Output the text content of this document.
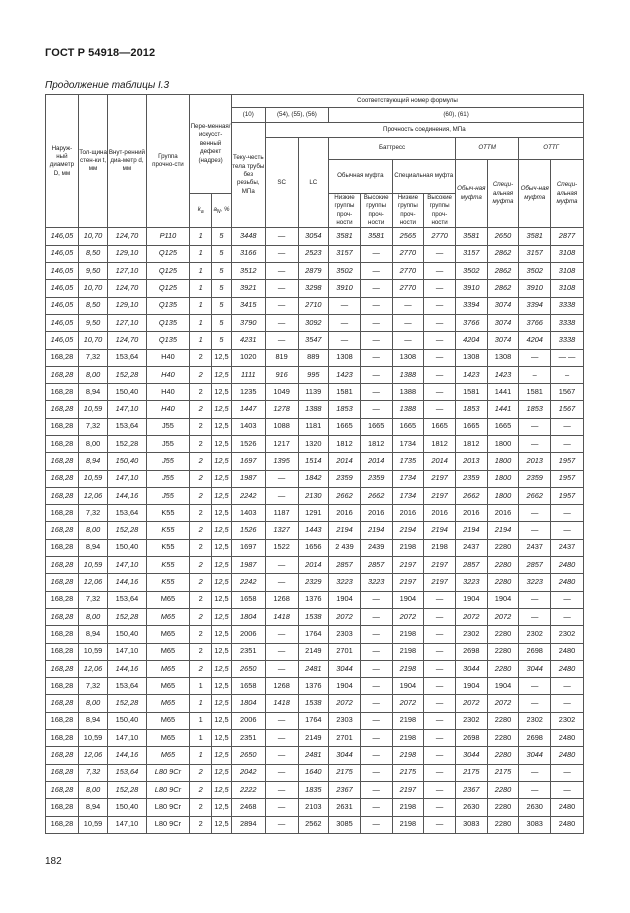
ГОСТ Р 54918—2012
Продолжение таблицы I.3
Наруж-ный диаметр D, мм	Тол-щина стен-ки t, мм	Внут-ренний диа-метр d, мм	Группа прочно-сти	Пере-менная/искусст-венный дефект (надрез)		Соответствующий номер формулы										
						(10)	(54), (55), (56)		(60), (61)							
						Теку-честь тела трубы без резьбы, МПа	Прочность соединения, МПа									
							SC	LC	Баттресс				ОТТМ		ОТТГ	
									Обычная муфта		Специальная муфта		Обыч-ная муфта	Специ-альная муфта	Обыч-ная муфта	Специ-альная муфта
				$k_a$	$a_N$, %				Низкие группы проч-ности	Высокие группы проч-ности	Низкие группы проч-ности	Высокие группы проч-ности				
146,05	10,70	124,70	Р110	1	5	3448	—	3054	3581	3581	2565	2770	3581	2650	3581	2877
146,05	8,50	129,10	Q125	1	5	3166	—	2523	3157	—	2770	—	3157	2862	3157	3108
146,05	9,50	127,10	Q125	1	5	3512	—	2879	3502	—	2770	—	3502	2862	3502	3108
146,05	10,70	124,70	Q125	1	5	3921	—	3298	3910	—	2770	—	3910	2862	3910	3108
146,05	8,50	129,10	Q135	1	5	3415	—	2710	—	—	—	—	3394	3074	3394	3338
146,05	9,50	127,10	Q135	1	5	3790	—	3092	—	—	—	—	3766	3074	3766	3338
146,05	10,70	124,70	Q135	1	5	4231	—	3547	—	—	—	—	4204	3074	4204	3338
168,28	7,32	153,64	Н40	2	12,5	1020	819	889	1308	—	1308	—	1308	1308	—	— —
168,28	8,00	152,28	Н40	2	12,5	1111	916	995	1423	—	1388	—	1423	1423	–	–
168,28	8,94	150,40	Н40	2	12,5	1235	1049	1139	1581	—	1388	—	1581	1441	1581	1567
168,28	10,59	147,10	Н40	2	12,5	1447	1278	1388	1853	—	1388	—	1853	1441	1853	1567
168,28	7,32	153,64	J55	2	12,5	1403	1088	1181	1665	1665	1665	1665	1665	1665	—	—
168,28	8,00	152,28	J55	2	12,5	1526	1217	1320	1812	1812	1734	1812	1812	1800	—	—
168,28	8,94	150,40	J55	2	12,5	1697	1395	1514	2014	2014	1735	2014	2013	1800	2013	1957
168,28	10,59	147,10	J55	2	12,5	1987	—	1842	2359	2359	1734	2197	2359	1800	2359	1957
168,28	12,06	144,16	J55	2	12,5	2242	—	2130	2662	2662	1734	2197	2662	1800	2662	1957
168,28	7,32	153,64	K55	2	12,5	1403	1187	1291	2016	2016	2016	2016	2016	2016	—	—
168,28	8,00	152,28	K55	2	12,5	1526	1327	1443	2194	2194	2194	2194	2194	2194	—	—
168,28	8,94	150,40	K55	2	12,5	1697	1522	1656	2 439	2439	2198	2198	2437	2280	2437	2437
168,28	10,59	147,10	K55	2	12,5	1987	—	2014	2857	2857	2197	2197	2857	2280	2857	2480
168,28	12,06	144,16	K55	2	12,5	2242	—	2329	3223	3223	2197	2197	3223	2280	3223	2480
168,28	7,32	153,64	M65	2	12,5	1658	1268	1376	1904	—	1904	—	1904	1904	—	—
168,28	8,00	152,28	M65	2	12,5	1804	1418	1538	2072	—	2072	—	2072	2072	—	—
168,28	8,94	150,40	M65	2	12,5	2006	—	1764	2303	—	2198	—	2302	2280	2302	2302
168,28	10,59	147,10	M65	2	12,5	2351	—	2149	2701	—	2198	—	2698	2280	2698	2480
168,28	12,06	144,16	M65	2	12,5	2650	—	2481	3044	—	2198	—	3044	2280	3044	2480
168,28	7,32	153,64	M65	1	12,5	1658	1268	1376	1904	—	1904	—	1904	1904	—	—
168,28	8,00	152,28	M65	1	12,5	1804	1418	1538	2072	—	2072	—	2072	2072	—	—
168,28	8,94	150,40	M65	1	12,5	2006	—	1764	2303	—	2198	—	2302	2280	2302	2302
168,28	10,59	147,10	M65	1	12,5	2351	—	2149	2701	—	2198	—	2698	2280	2698	2480
168,28	12,06	144,16	M65	1	12,5	2650	—	2481	3044	—	2198	—	3044	2280	3044	2480
168,28	7,32	153,64	L80 9Cr	2	12,5	2042	—	1640	2175	—	2175	—	2175	2175	—	—
168,28	8,00	152,28	L80 9Cr	2	12,5	2222	—	1835	2367	—	2197	—	2367	2280	—	—
168,28	8,94	150,40	L80 9Cr	2	12,5	2468	—	2103	2631	—	2198	—	2630	2280	2630	2480
168,28	10,59	147,10	L80 9Cr	2	12,5	2894	—	2562	3085	—	2198	—	3083	2280	3083	2480
182
